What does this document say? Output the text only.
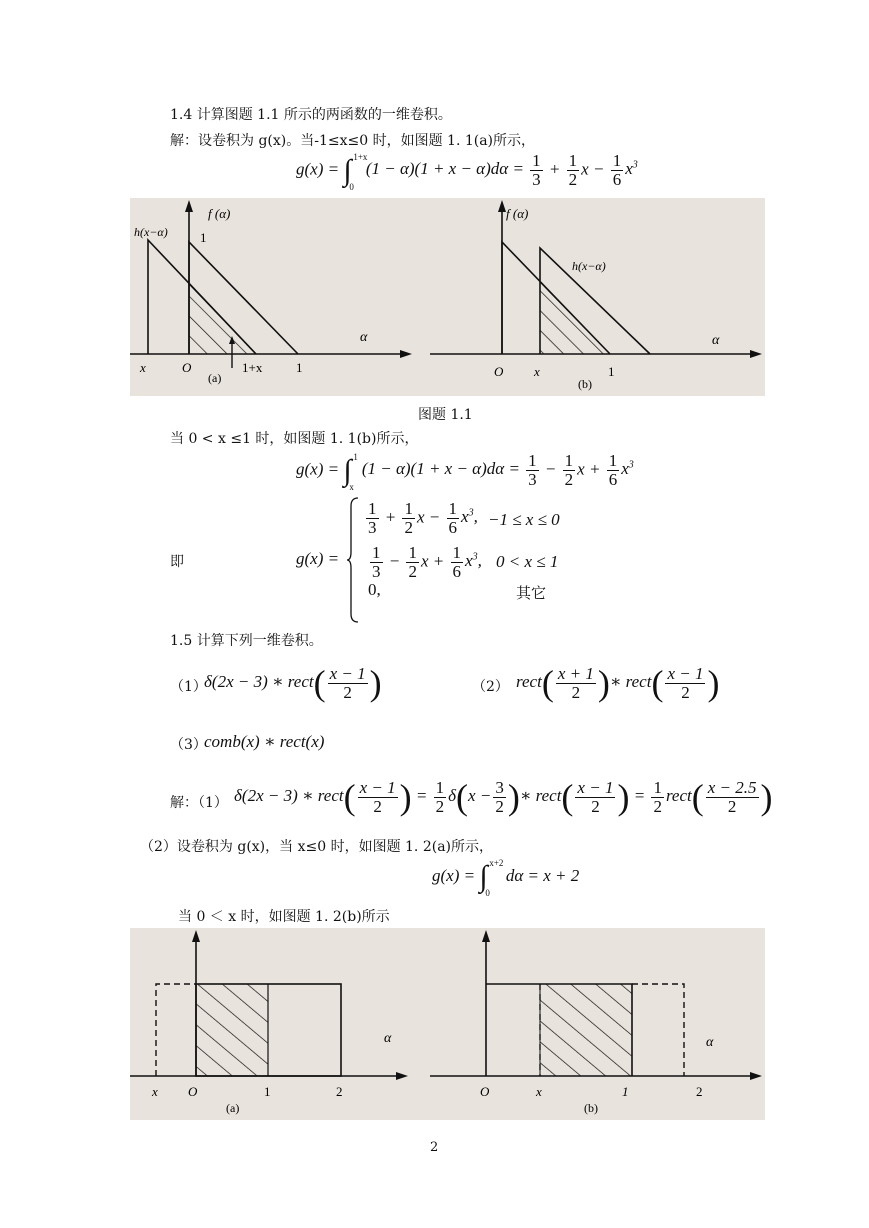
1.4 计算图题 1.1 所示的两函数的一维卷积。
解：设卷积为 g(x)。当-1≤x≤0 时，如图题 1. 1(a)所示，
g(x) = ∫ 1+x
0
$(1 - \alpha)(1 + x - \alpha)d\alpha = \frac{1}{3} + \frac{1}{2}$ $x - \frac{1}{6} x^3$
f (α)
h(x−α) 1
α
x	O	1+x	1
(a)
f (α)
h(x−α)
α
O x	1
(b)
图题 1.1
当 0 < x ≤1 时，如图题 1. 1(b)所示，
g(x) = ∫ 1
x
$(1 - \alpha)(1 + x - \alpha)d\alpha = \frac{1}{3} - \frac{1}{2}$ $x + \frac{1}{6} x^3$
即	g(x) =
$\frac{1}{3} + \frac{1}{2}$ $x - \frac{1}{6} x^3$, −1 ≤ x ≤ 0
$\frac{1}{3} - \frac{1}{2}$ $x + \frac{1}{6} x^3$, 0 < x ≤ 1
0,	其它
1.5 计算下列一维卷积。
（1）
δ(2x − 3) ∗ rect( $\frac{x - 1}{2}$ )	（2） rect( $\frac{x + 1}{2}$ )∗ rect( $\frac{x - 1}{2}$ )
（3）
comb(x) ∗ rect(x)
解：（1） δ(2x − 3) ∗ rect( $\frac{x - 1}{2}$ ) = $\frac{1}{2} \delta(x - \frac{3}{2}$ )∗ rect( $\frac{x - 1}{2}$ ) = $\frac{1}{2}$ rect( $\frac{x - 2.5}{2}$ )
（2）设卷积为 g(x)，当 x≤0 时，如图题 1. 2(a)所示，
g(x) = ∫ x+2
0
dα = x + 2
当 0 ＜ x 时，如图题 1. 2(b)所示
α
x O	1	2
(a)
O	x	1	2
α
(b)
2
